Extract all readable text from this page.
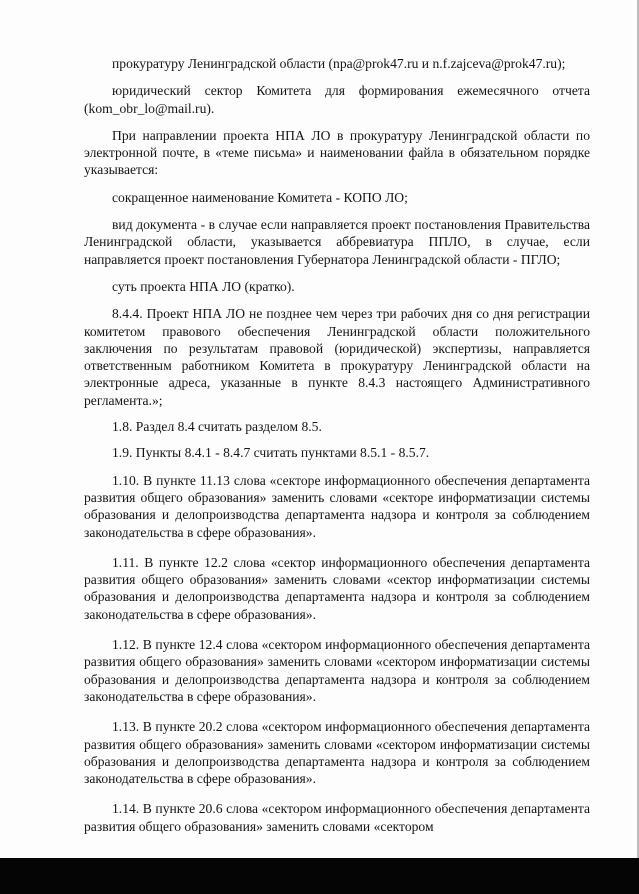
прокуратуру Ленинградской области (npa@prok47.ru и n.f.zajceva@prok47.ru);

юридический сектор Комитета для формирования ежемесячного отчета (kom_obr_lo@mail.ru).

При направлении проекта НПА ЛО в прокуратуру Ленинградской области по электронной почте, в «теме письма» и наименовании файла в обязательном порядке указывается:

сокращенное наименование Комитета - КОПО ЛО;

вид документа - в случае если направляется проект постановления Правительства Ленинградской области, указывается аббревиатура ППЛО, в случае, если направляется проект постановления Губернатора Ленинградской области - ПГЛО;

суть проекта НПА ЛО (кратко).

8.4.4. Проект НПА ЛО не позднее чем через три рабочих дня со дня регистрации комитетом правового обеспечения Ленинградской области положительного заключения по результатам правовой (юридической) экспертизы, направляется ответственным работником Комитета в прокуратуру Ленинградской области на электронные адреса, указанные в пункте 8.4.3 настоящего Административного регламента.»;

1.8. Раздел 8.4 считать разделом 8.5.

1.9. Пункты 8.4.1 - 8.4.7 считать пунктами 8.5.1 - 8.5.7.

1.10. В пункте 11.13 слова «секторе информационного обеспечения департамента развития общего образования» заменить словами «секторе информатизации системы образования и делопроизводства департамента надзора и контроля за соблюдением законодательства в сфере образования».

1.11. В пункте 12.2 слова «сектор информационного обеспечения департамента развития общего образования» заменить словами «сектор информатизации системы образования и делопроизводства департамента надзора и контроля за соблюдением законодательства в сфере образования».

1.12. В пункте 12.4 слова «сектором информационного обеспечения департамента развития общего образования» заменить словами «сектором информатизации системы образования и делопроизводства департамента надзора и контроля за соблюдением законодательства в сфере образования».

1.13. В пункте 20.2 слова «сектором информационного обеспечения департамента развития общего образования» заменить словами «сектором информатизации системы образования и делопроизводства департамента надзора и контроля за соблюдением законодательства в сфере образования».

1.14. В пункте 20.6 слова «сектором информационного обеспечения департамента развития общего образования» заменить словами «сектором
